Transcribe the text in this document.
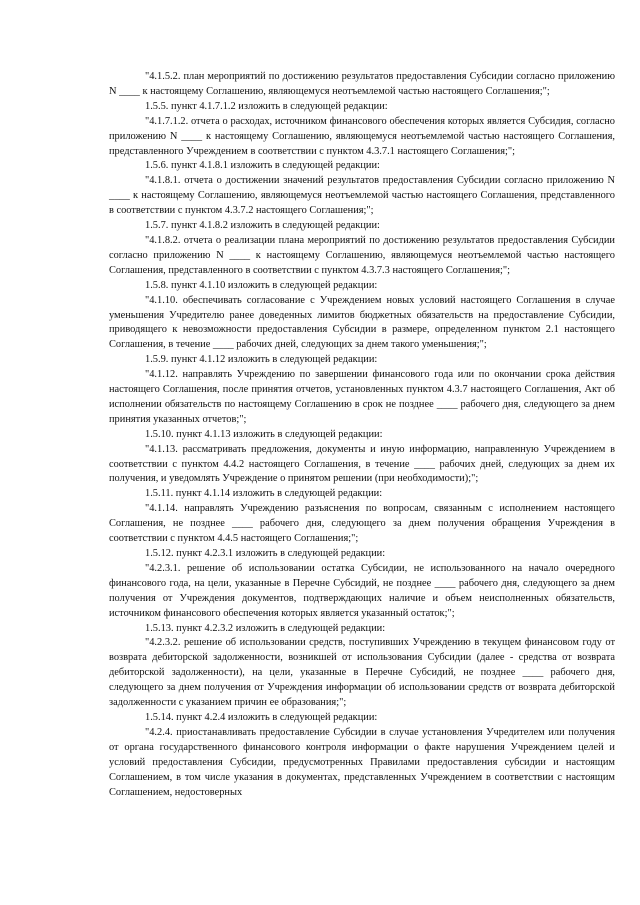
"4.1.5.2. план мероприятий по достижению результатов предоставления Субсидии согласно приложению N ____ к настоящему Соглашению, являющемуся неотъемлемой частью настоящего Соглашения;";

1.5.5. пункт 4.1.7.1.2 изложить в следующей редакции:

"4.1.7.1.2. отчета о расходах, источником финансового обеспечения которых является Субсидия, согласно приложению N ____ к настоящему Соглашению, являющемуся неотъемлемой частью настоящего Соглашения, представленного Учреждением в соответствии с пунктом 4.3.7.1 настоящего Соглашения;";

1.5.6. пункт 4.1.8.1 изложить в следующей редакции:

"4.1.8.1. отчета о достижении значений результатов предоставления Субсидии согласно приложению N ____ к настоящему Соглашению, являющемуся неотъемлемой частью настоящего Соглашения, представленного в соответствии с пунктом 4.3.7.2 настоящего Соглашения;";

1.5.7. пункт 4.1.8.2 изложить в следующей редакции:

"4.1.8.2. отчета о реализации плана мероприятий по достижению результатов предоставления Субсидии согласно приложению N ____ к настоящему Соглашению, являющемуся неотъемлемой частью настоящего Соглашения, представленного в соответствии с пунктом 4.3.7.3 настоящего Соглашения;";

1.5.8. пункт 4.1.10 изложить в следующей редакции:

"4.1.10. обеспечивать согласование с Учреждением новых условий настоящего Соглашения в случае уменьшения Учредителю ранее доведенных лимитов бюджетных обязательств на предоставление Субсидии, приводящего к невозможности предоставления Субсидии в размере, определенном пунктом 2.1 настоящего Соглашения, в течение ____ рабочих дней, следующих за днем такого уменьшения;";

1.5.9. пункт 4.1.12 изложить в следующей редакции:

"4.1.12. направлять Учреждению по завершении финансового года или по окончании срока действия настоящего Соглашения, после принятия отчетов, установленных пунктом 4.3.7 настоящего Соглашения, Акт об исполнении обязательств по настоящему Соглашению в срок не позднее ____ рабочего дня, следующего за днем принятия указанных отчетов;";

1.5.10. пункт 4.1.13 изложить в следующей редакции:

"4.1.13. рассматривать предложения, документы и иную информацию, направленную Учреждением в соответствии с пунктом 4.4.2 настоящего Соглашения, в течение ____ рабочих дней, следующих за днем их получения, и уведомлять Учреждение о принятом решении (при необходимости);";

1.5.11. пункт 4.1.14 изложить в следующей редакции:

"4.1.14. направлять Учреждению разъяснения по вопросам, связанным с исполнением настоящего Соглашения, не позднее ____ рабочего дня, следующего за днем получения обращения Учреждения в соответствии с пунктом 4.4.5 настоящего Соглашения;";

1.5.12. пункт 4.2.3.1 изложить в следующей редакции:

"4.2.3.1. решение об использовании остатка Субсидии, не использованного на начало очередного финансового года, на цели, указанные в Перечне Субсидий, не позднее ____ рабочего дня, следующего за днем получения от Учреждения документов, подтверждающих наличие и объем неисполненных обязательств, источником финансового обеспечения которых является указанный остаток;";

1.5.13. пункт 4.2.3.2 изложить в следующей редакции:

"4.2.3.2. решение об использовании средств, поступивших Учреждению в текущем финансовом году от возврата дебиторской задолженности, возникшей от использования Субсидии (далее - средства от возврата дебиторской задолженности), на цели, указанные в Перечне Субсидий, не позднее ____ рабочего дня, следующего за днем получения от Учреждения информации об использовании средств от возврата дебиторской задолженности с указанием причин ее образования;";

1.5.14. пункт 4.2.4 изложить в следующей редакции:

"4.2.4. приостанавливать предоставление Субсидии в случае установления Учредителем или получения от органа государственного финансового контроля информации о факте нарушения Учреждением целей и условий предоставления Субсидии, предусмотренных Правилами предоставления субсидии и настоящим Соглашением, в том числе указания в документах, представленных Учреждением в соответствии с настоящим Соглашением, недостоверных
